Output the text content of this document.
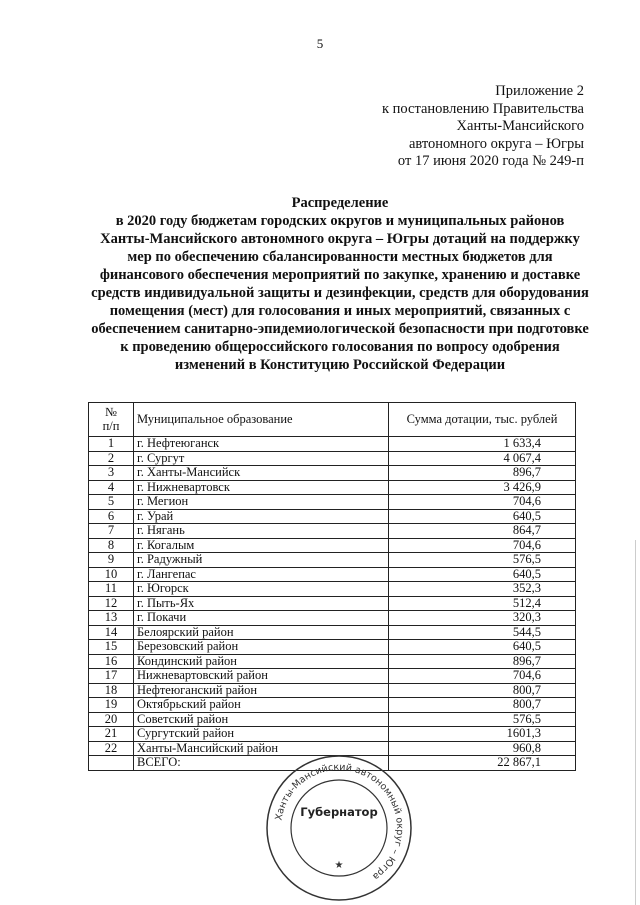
5
Приложение 2
к постановлению Правительства
Ханты-Мансийского
автономного округа – Югры
от 17 июня 2020 года № 249-п
Распределение
в 2020 году бюджетам городских округов и муниципальных районов Ханты-Мансийского автономного округа – Югры дотаций на поддержку мер по обеспечению сбалансированности местных бюджетов для финансового обеспечения мероприятий по закупке, хранению и доставке средств индивидуальной защиты и дезинфекции, средств для оборудования помещения (мест) для голосования и иных мероприятий, связанных с обеспечением санитарно-эпидемиологической безопасности при подготовке к проведению общероссийского голосования по вопросу одобрения изменений в Конституцию Российской Федерации
№
п/п	Муниципальное образование	Сумма дотации, тыс. рублей
1	г. Нефтеюганск	1 633,4
2	г. Сургут	4 067,4
3	г. Ханты-Мансийск	896,7
4	г. Нижневартовск	3 426,9
5	г. Мегион	704,6
6	г. Урай	640,5
7	г. Нягань	864,7
8	г. Когалым	704,6
9	г. Радужный	576,5
10	г. Лангепас	640,5
11	г. Югорск	352,3
12	г. Пыть-Ях	512,4
13	г. Покачи	320,3
14	Белоярский район	544,5
15	Березовский район	640,5
16	Кондинский район	896,7
17	Нижневартовский район	704,6
18	Нефтеюганский район	800,7
19	Октябрьский район	800,7
20	Советский район	576,5
21	Сургутский район	1601,3
22	Ханты-Мансийский район	960,8
	ВСЕГО:	22 867,1
Ханты-Мансийский автономный округ – Югра
Губернатор
★
